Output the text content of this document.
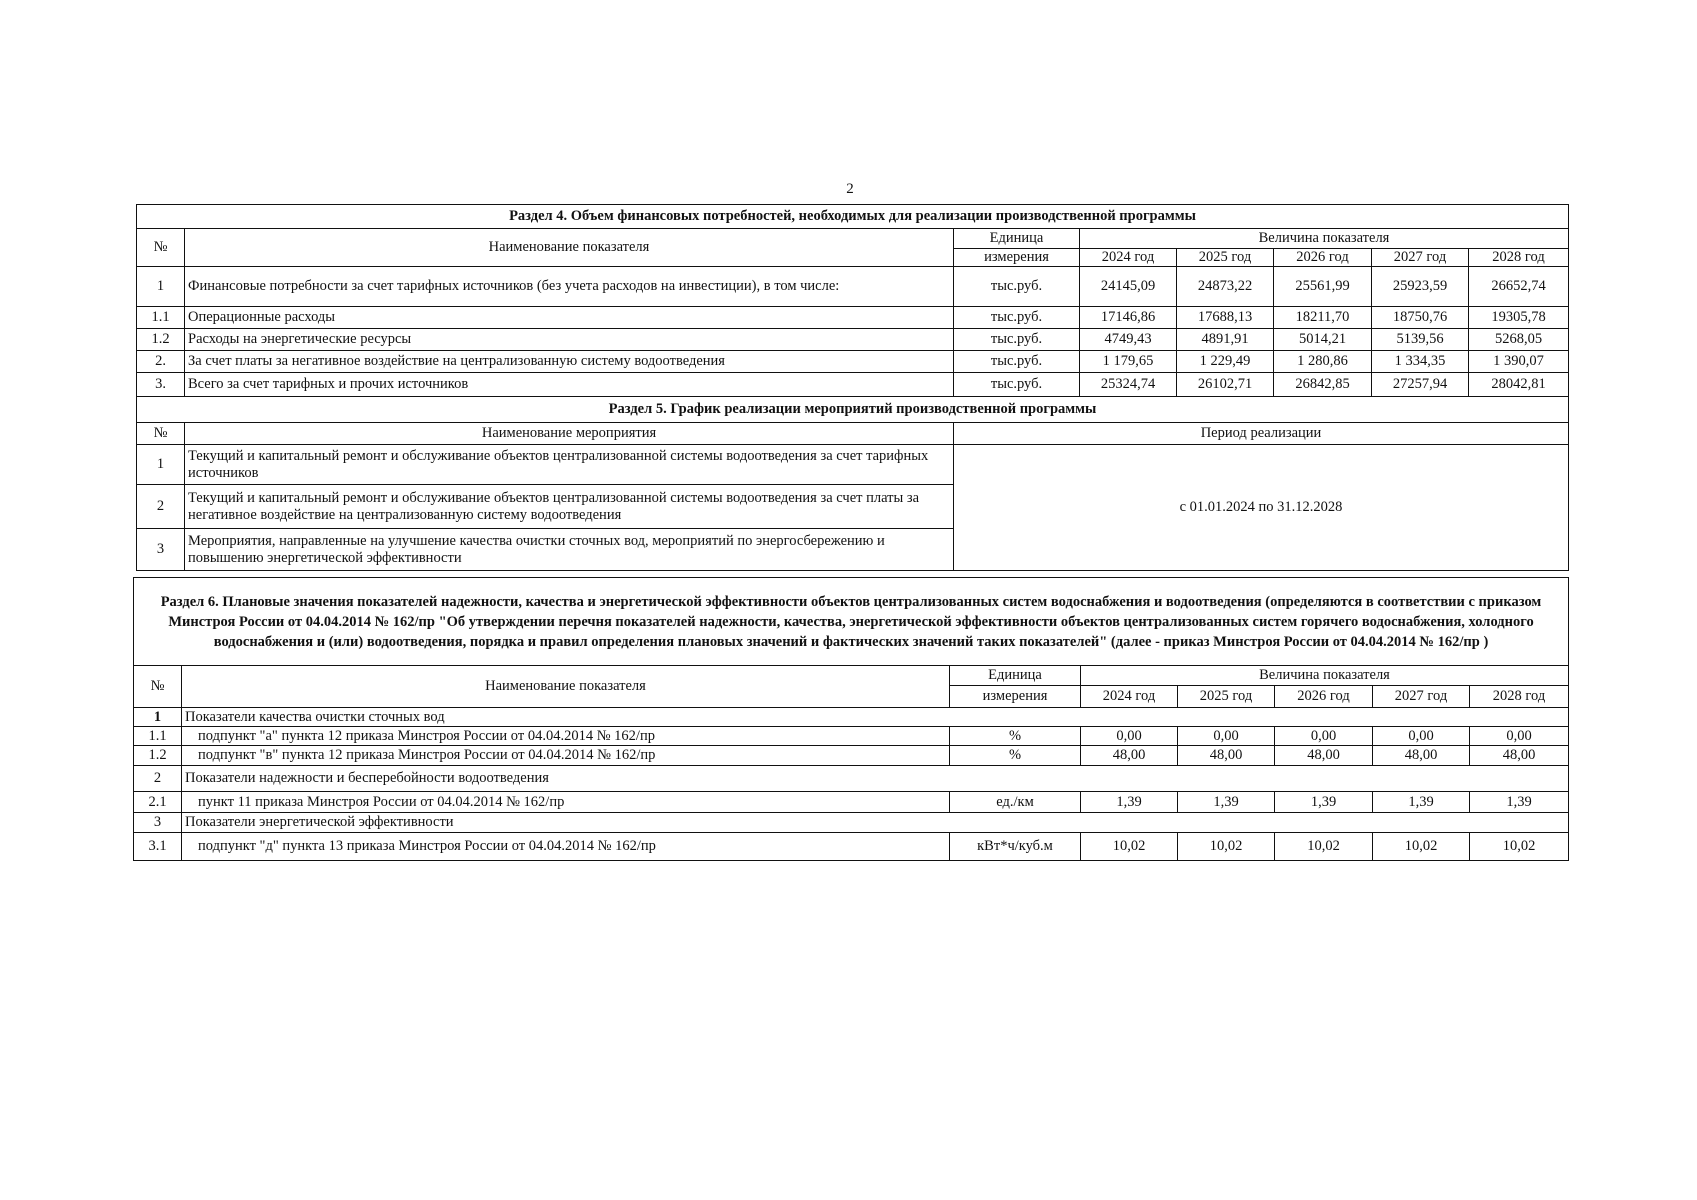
2
Раздел 4. Объем финансовых потребностей, необходимых для реализации производственной программы							
№	Наименование показателя	Единица	Величина показателя				
		измерения	2024 год	2025 год	2026 год	2027 год	2028 год
1	Финансовые потребности за счет тарифных источников (без учета расходов на инвестиции), в том числе:	тыс.руб.	24145,09	24873,22	25561,99	25923,59	26652,74
1.1	Операционные расходы	тыс.руб.	17146,86	17688,13	18211,70	18750,76	19305,78
1.2	Расходы на энергетические ресурсы	тыс.руб.	4749,43	4891,91	5014,21	5139,56	5268,05
2.	За счет платы за негативное воздействие на централизованную систему водоотведения	тыс.руб.	1 179,65	1 229,49	1 280,86	1 334,35	1 390,07
3.	Всего за счет тарифных и прочих источников	тыс.руб.	25324,74	26102,71	26842,85	27257,94	28042,81
Раздел 5. График реализации мероприятий производственной программы							
№	Наименование мероприятия	Период реализации					
1	Текущий и капитальный ремонт и обслуживание объектов централизованной системы водоотведения за счет тарифных источников	с 01.01.2024 по 31.12.2028					
2	Текущий и капитальный ремонт и обслуживание объектов централизованной системы водоотведения за счет платы за негативное воздействие на централизованную систему водоотведения						
3	Мероприятия, направленные на улучшение качества очистки сточных вод, мероприятий по энергосбережению и повышению энергетической эффективности						
Раздел 6. Плановые значения показателей надежности, качества и энергетической эффективности объектов централизованных систем водоснабжения и водоотведения (определяются в соответствии с приказом Минстроя России от 04.04.2014 № 162/пр "Об утверждении перечня показателей надежности, качества, энергетической эффективности объектов централизованных систем горячего водоснабжения, холодного водоснабжения и (или) водоотведения, порядка и правил определения плановых значений и фактических значений таких показателей" (далее - приказ Минстроя России от 04.04.2014 № 162/пр )							
№	Наименование показателя	Единица	Величина показателя				
		измерения	2024 год	2025 год	2026 год	2027 год	2028 год
1	Показатели качества очистки сточных вод						
1.1	подпункт "а" пункта 12 приказа Минстроя России от 04.04.2014 № 162/пр	%	0,00	0,00	0,00	0,00	0,00
1.2	подпункт "в" пункта 12 приказа Минстроя России от 04.04.2014 № 162/пр	%	48,00	48,00	48,00	48,00	48,00
2	Показатели надежности и бесперебойности водоотведения						
2.1	пункт 11 приказа Минстроя России от 04.04.2014 № 162/пр	ед./км	1,39	1,39	1,39	1,39	1,39
3	Показатели энергетической эффективности						
3.1	подпункт "д" пункта 13 приказа Минстроя России от 04.04.2014 № 162/пр	кВт*ч/куб.м	10,02	10,02	10,02	10,02	10,02
